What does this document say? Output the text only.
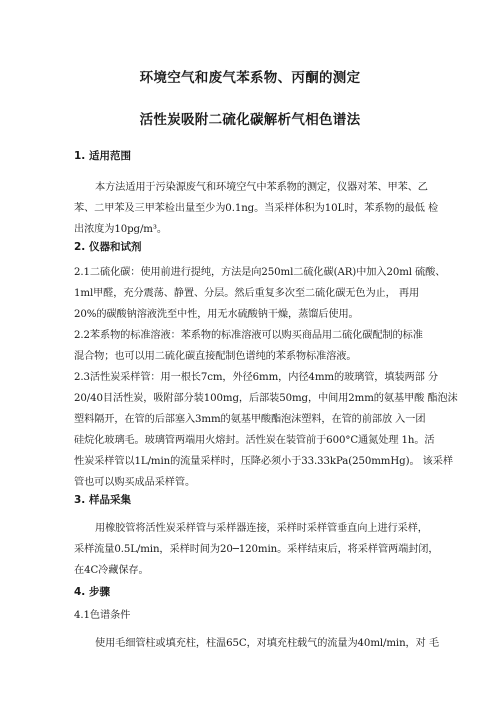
环境空气和废气苯系物、丙酮的测定
活性炭吸附二硫化碳解析气相色谱法
1. 适用范围
本方法适用于污染源废气和环境空气中苯系物的测定，仪器对苯、甲苯、乙
苯、二甲苯及三甲苯检出量至少为0.1ng。当采样体积为10L时，苯系物的最低 检
出浓度为10pg/m³。
2. 仪器和试剂
2.1二硫化碳：使用前进行提纯，方法是向250ml二硫化碳(AR)中加入20ml 硫酸、
1ml甲醛，充分震荡、静置、分层。然后重复多次至二硫化碳无色为止， 再用
20%的碳酸钠溶液洗至中性，用无水硫酸钠干燥，蒸馏后使用。
2.2苯系物的标准溶液：苯系物的标准溶液可以购买商品用二硫化碳配制的标准
混合物；也可以用二硫化碳直接配制色谱纯的苯系物标准溶液。
2.3活性炭采样管：用一根长7cm，外径6mm，内径4mm的玻璃管，填装两部 分
20/40目活性炭，吸附部分装100mg，后部装50mg，中间用2mm的氨基甲酸 酯泡沫
塑料隔开，在管的后部塞入3mm的氨基甲酸酯泡沫塑料，在管的前部放 入一团
硅烷化玻璃毛。玻璃管两端用火熔封。活性炭在装管前于600°C通氮处理 1h。活
性炭采样管以1L/min的流量采样时，压降必须小于33.33kPa(250mmHg)。 该采样
管也可以购买成品采样管。
3. 样品采集
用橡胶管将活性炭采样管与采样器连接，采样时采样管垂直向上进行采样，
采样流量0.5L/min，采样时间为20─120min。采样结束后，将采样管两端封闭，
在4C冷藏保存。
4. 步骤
4.1色谱条件
使用毛细管柱或填充柱，柱温65C，对填充柱载气的流量为40ml/min，对 毛
